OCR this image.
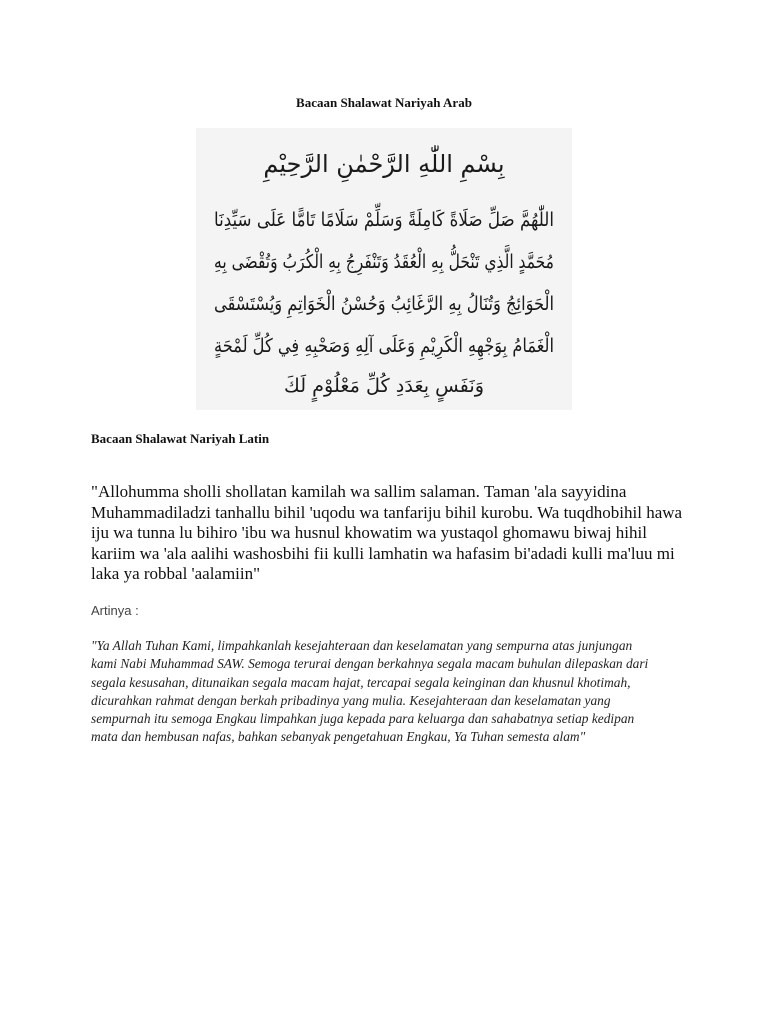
Bacaan Shalawat Nariyah Arab
بِسْمِ اللّٰهِ الرَّحْمٰنِ الرَّحِيْمِ
اللّٰهُمَّ صَلِّ صَلَاةً كَامِلَةً وَسَلِّمْ سَلَامًا تَامًّا عَلَى سَيِّدِنَا
مُحَمَّدٍ الَّذِي تَنْحَلُّ بِهِ الْعُقَدُ وَتَنْفَرِجُ بِهِ الْكُرَبُ وَتُقْضَى بِهِ
الْحَوَائِجُ وَتُنَالُ بِهِ الرَّغَائِبُ وَحُسْنُ الْخَوَاتِمِ وَيُسْتَسْقَى
الْغَمَامُ بِوَجْهِهِ الْكَرِيْمِ وَعَلَى آلِهِ وَصَحْبِهِ فِي كُلِّ لَمْحَةٍ
وَنَفَسٍ بِعَدَدِ كُلِّ مَعْلُوْمٍ لَكَ
Bacaan Shalawat Nariyah Latin
"Allohumma sholli shollatan kamilah wa sallim salaman. Taman 'ala sayyidina Muhammadiladzi tanhallu bihil 'uqodu wa tanfariju bihil kurobu. Wa tuqdhobihil hawa iju wa tunna lu bihiro 'ibu wa husnul khowatim wa yustaqol ghomawu biwaj hihil kariim wa 'ala aalihi washosbihi fii kulli lamhatin wa hafasim bi'adadi kulli ma'luu mi laka ya robbal 'aalamiin"
Artinya :
"Ya Allah Tuhan Kami, limpahkanlah kesejahteraan dan keselamatan yang sempurna atas junjungan kami Nabi Muhammad SAW. Semoga terurai dengan berkahnya segala macam buhulan dilepaskan dari segala kesusahan, ditunaikan segala macam hajat, tercapai segala keinginan dan khusnul khotimah, dicurahkan rahmat dengan berkah pribadinya yang mulia. Kesejahteraan dan keselamatan yang sempurnah itu semoga Engkau limpahkan juga kepada para keluarga dan sahabatnya setiap kedipan mata dan hembusan nafas, bahkan sebanyak pengetahuan Engkau, Ya Tuhan semesta alam"
